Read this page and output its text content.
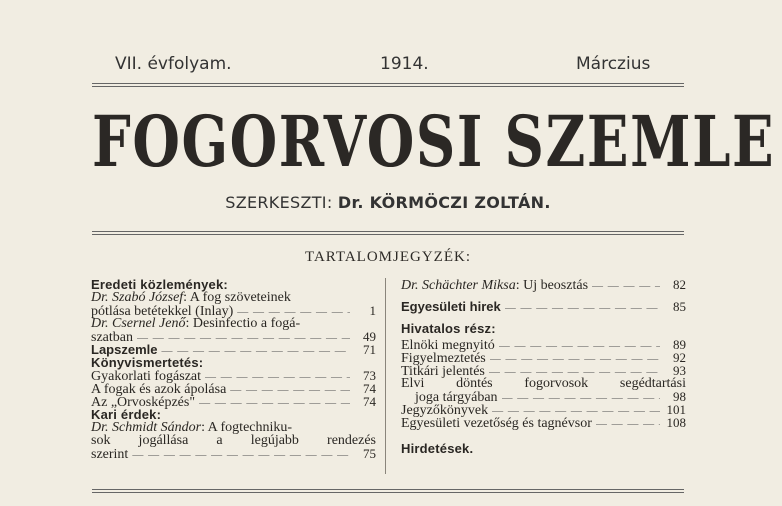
VII. évfolyam.	1914.	Márczius
FOGORVOSI SZEMLE
SZERKESZTI: Dr. KÖRMÖCZI ZOLTÁN.
TARTALOMJEGYZÉK:
Eredeti közlemények:
Dr. Szabó József: A fog szöveteinek
pótlása betétekkel (Inlay) — — —	1
Dr. Csernel Jenő: Desinfectio a fogá-
szatban — — —	49
Lapszemle — — —	71
Könyvismertetés:
Gyakorlati fogászat — — —	73
A fogak és azok ápolása — — —	74
Az „Orvosképzés" — — —	74
Kari érdek:
Dr. Schmidt Sándor: A fogtechniku-
sok jogállása a legújabb rendezés
szerint — — —	75
Dr. Schächter Miksa: Uj beosztás — — —	82
Egyesületi hirek — — —	85
Hivatalos rész:
Elnöki megnyitó — — —	89
Figyelmeztetés — — —	92
Titkári jelentés — — —	93
Elvi döntés fogorvosok segédtartási
joga tárgyában — — —	98
Jegyzőkönyvek — — —	101
Egyesületi vezetőség és tagnévsor — — —	108
Hirdetések.
